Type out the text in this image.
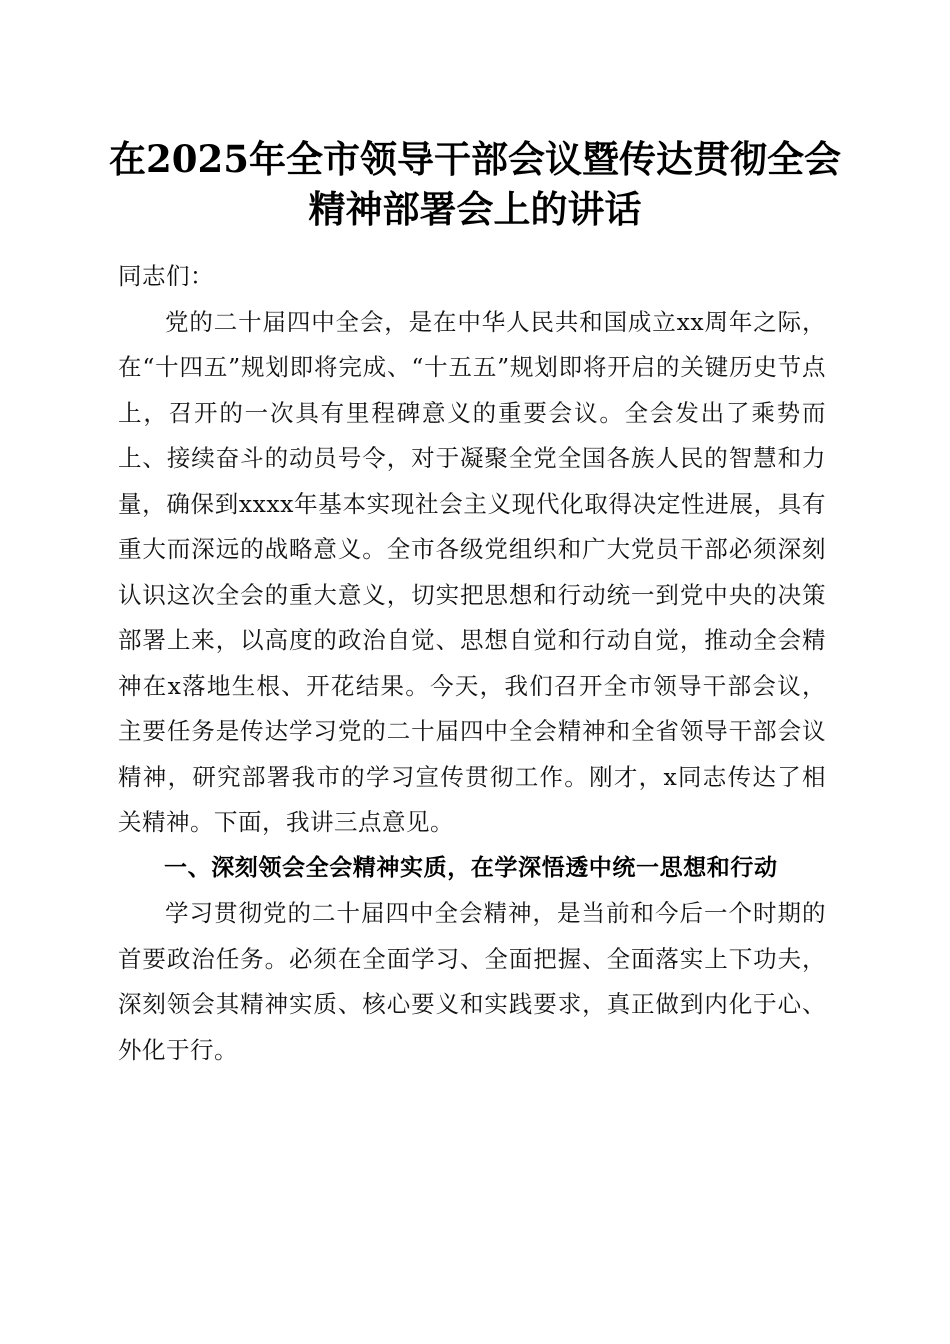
在2025年全市领导干部会议暨传达贯彻全会
精神部署会上的讲话

同志们：

党的二十届四中全会，是在中华人民共和国成立xx周年之际，在“十四五”规划即将完成、“十五五”规划即将开启的关键历史节点上，召开的一次具有里程碑意义的重要会议。全会发出了乘势而上、接续奋斗的动员号令，对于凝聚全党全国各族人民的智慧和力量，确保到xxxx年基本实现社会主义现代化取得决定性进展，具有重大而深远的战略意义。全市各级党组织和广大党员干部必须深刻认识这次全会的重大意义，切实把思想和行动统一到党中央的决策部署上来，以高度的政治自觉、思想自觉和行动自觉，推动全会精神在x落地生根、开花结果。今天，我们召开全市领导干部会议，主要任务是传达学习党的二十届四中全会精神和全省领导干部会议精神，研究部署我市的学习宣传贯彻工作。刚才，x同志传达了相关精神。下面，我讲三点意见。

一、深刻领会全会精神实质，在学深悟透中统一思想和行动

学习贯彻党的二十届四中全会精神，是当前和今后一个时期的首要政治任务。必须在全面学习、全面把握、全面落实上下功夫，深刻领会其精神实质、核心要义和实践要求，真正做到内化于心、外化于行。
